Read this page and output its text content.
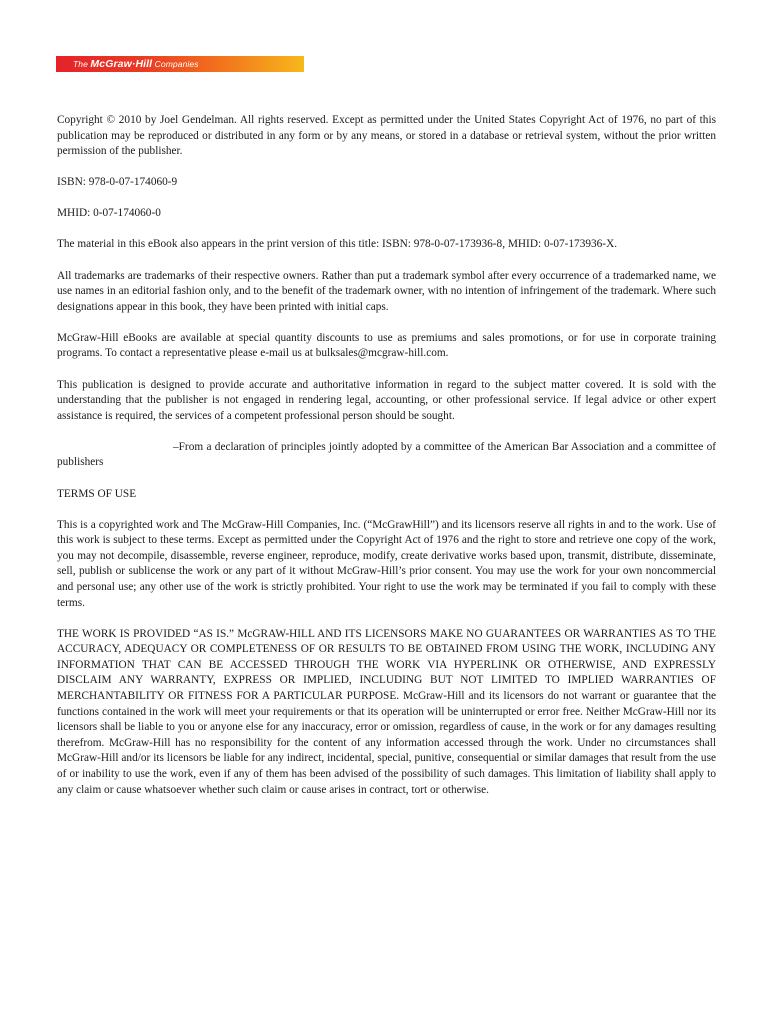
The McGraw·Hill Companies

Copyright © 2010 by Joel Gendelman. All rights reserved. Except as permitted under the United States Copyright Act of 1976, no part of this publication may be reproduced or distributed in any form or by any means, or stored in a database or retrieval system, without the prior written permission of the publisher.

ISBN: 978-0-07-174060-9

MHID: 0-07-174060-0

The material in this eBook also appears in the print version of this title: ISBN: 978-0-07-173936-8, MHID: 0-07-173936-X.

All trademarks are trademarks of their respective owners. Rather than put a trademark symbol after every occurrence of a trademarked name, we use names in an editorial fashion only, and to the benefit of the trademark owner, with no intention of infringement of the trademark. Where such designations appear in this book, they have been printed with initial caps.

McGraw-Hill eBooks are available at special quantity discounts to use as premiums and sales promotions, or for use in corporate training programs. To contact a representative please e-mail us at bulksales@mcgraw-hill.com.

This publication is designed to provide accurate and authoritative information in regard to the subject matter covered. It is sold with the understanding that the publisher is not engaged in rendering legal, accounting, or other professional service. If legal advice or other expert assistance is required, the services of a competent professional person should be sought.

–From a declaration of principles jointly adopted by a committee of the American Bar Association and a committee of publishers

TERMS OF USE

This is a copyrighted work and The McGraw-Hill Companies, Inc. (“McGrawHill”) and its licensors reserve all rights in and to the work. Use of this work is subject to these terms. Except as permitted under the Copyright Act of 1976 and the right to store and retrieve one copy of the work, you may not decompile, disassemble, reverse engineer, reproduce, modify, create derivative works based upon, transmit, distribute, disseminate, sell, publish or sublicense the work or any part of it without McGraw-Hill’s prior consent. You may use the work for your own noncommercial and personal use; any other use of the work is strictly prohibited. Your right to use the work may be terminated if you fail to comply with these terms.

THE WORK IS PROVIDED “AS IS.” McGRAW-HILL AND ITS LICENSORS MAKE NO GUARANTEES OR WARRANTIES AS TO THE ACCURACY, ADEQUACY OR COMPLETENESS OF OR RESULTS TO BE OBTAINED FROM USING THE WORK, INCLUDING ANY INFORMATION THAT CAN BE ACCESSED THROUGH THE WORK VIA HYPERLINK OR OTHERWISE, AND EXPRESSLY DISCLAIM ANY WARRANTY, EXPRESS OR IMPLIED, INCLUDING BUT NOT LIMITED TO IMPLIED WARRANTIES OF MERCHANTABILITY OR FITNESS FOR A PARTICULAR PURPOSE. McGraw-Hill and its licensors do not warrant or guarantee that the functions contained in the work will meet your requirements or that its operation will be uninterrupted or error free. Neither McGraw-Hill nor its licensors shall be liable to you or anyone else for any inaccuracy, error or omission, regardless of cause, in the work or for any damages resulting therefrom. McGraw-Hill has no responsibility for the content of any information accessed through the work. Under no circumstances shall McGraw-Hill and/or its licensors be liable for any indirect, incidental, special, punitive, consequential or similar damages that result from the use of or inability to use the work, even if any of them has been advised of the possibility of such damages. This limitation of liability shall apply to any claim or cause whatsoever whether such claim or cause arises in contract, tort or otherwise.
